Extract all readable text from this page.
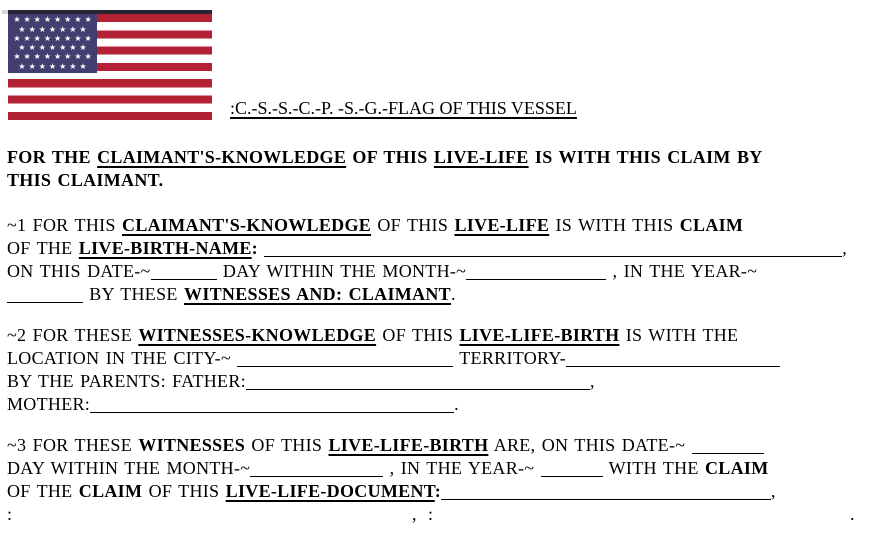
★★★★★★★★
★★★★★★★
★★★★★★★★
★★★★★★★
★★★★★★★★
★★★★★★★
:C.-S.-S.-C.-P. -S.-G.-FLAG OF THIS VESSEL
FOR THE CLAIMANT'S-KNOWLEDGE OF THIS LIVE-LIFE IS WITH THIS CLAIM BY
THIS CLAIMANT.
~1 FOR THIS CLAIMANT'S-KNOWLEDGE OF THIS LIVE-LIFE IS WITH THIS CLAIM
OF THE LIVE-BIRTH-NAME:	,
ON THIS DATE-~	DAY WITHIN THE MONTH-~	, IN THE YEAR-~
BY THESE WITNESSES AND: CLAIMANT.
~2 FOR THESE WITNESSES-KNOWLEDGE OF THIS LIVE-LIFE-BIRTH IS WITH THE
LOCATION IN THE CITY-~	TERRITORY-
BY THE PARENTS: FATHER:	,
MOTHER:	.
~3 FOR THESE WITNESSES OF THIS LIVE-LIFE-BIRTH ARE, ON THIS DATE-~
DAY WITHIN THE MONTH-~	, IN THE YEAR-~	WITH THE CLAIM
OF THE CLAIM OF THIS LIVE-LIFE-DOCUMENT:	,
:	, :	.
